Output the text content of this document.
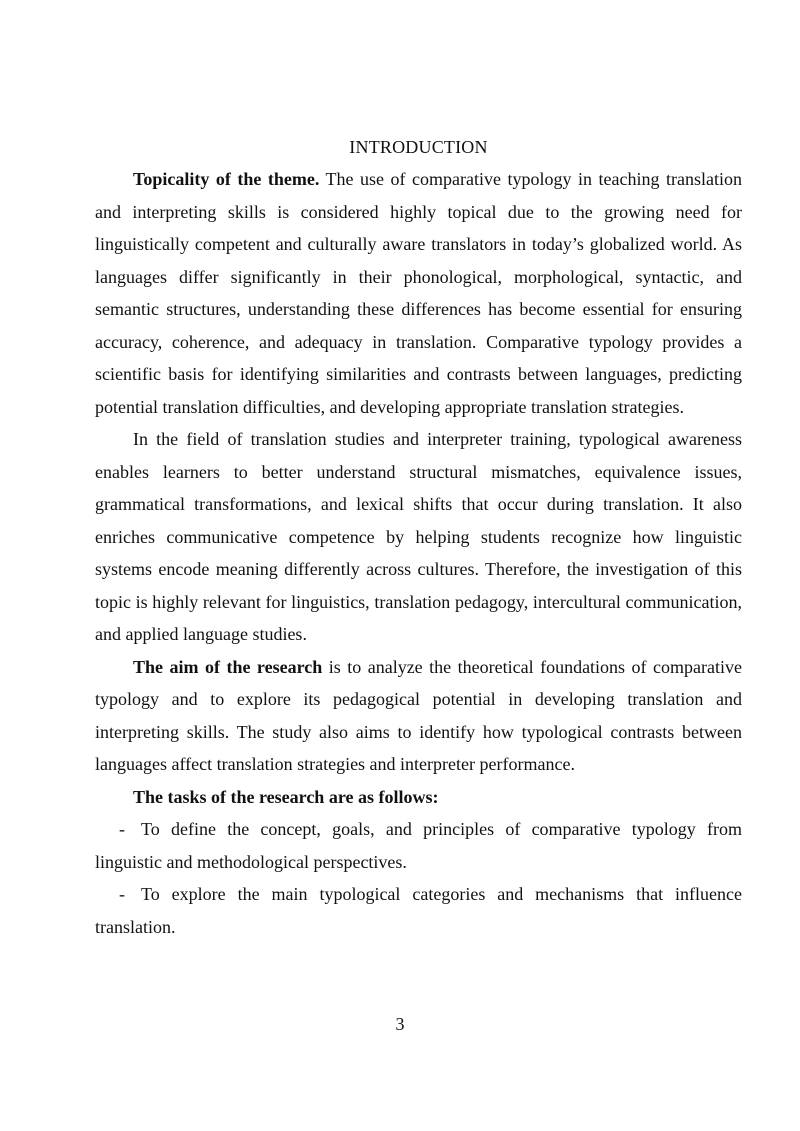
INTRODUCTION

Topicality of the theme. The use of comparative typology in teaching translation and interpreting skills is considered highly topical due to the growing need for linguistically competent and culturally aware translators in today’s globalized world. As languages differ significantly in their phonological, morphological, syntactic, and semantic structures, understanding these differences has become essential for ensuring accuracy, coherence, and adequacy in translation. Comparative typology provides a scientific basis for identifying similarities and contrasts between languages, predicting potential translation difficulties, and developing appropriate translation strategies.

In the field of translation studies and interpreter training, typological awareness enables learners to better understand structural mismatches, equivalence issues, grammatical transformations, and lexical shifts that occur during translation. It also enriches communicative competence by helping students recognize how linguistic systems encode meaning differently across cultures. Therefore, the investigation of this topic is highly relevant for linguistics, translation pedagogy, intercultural communication, and applied language studies.

The aim of the research is to analyze the theoretical foundations of comparative typology and to explore its pedagogical potential in developing translation and interpreting skills. The study also aims to identify how typological contrasts between languages affect translation strategies and interpreter performance.

The tasks of the research are as follows:

- To define the concept, goals, and principles of comparative typology from linguistic and methodological perspectives.

- To explore the main typological categories and mechanisms that influence translation.

3
